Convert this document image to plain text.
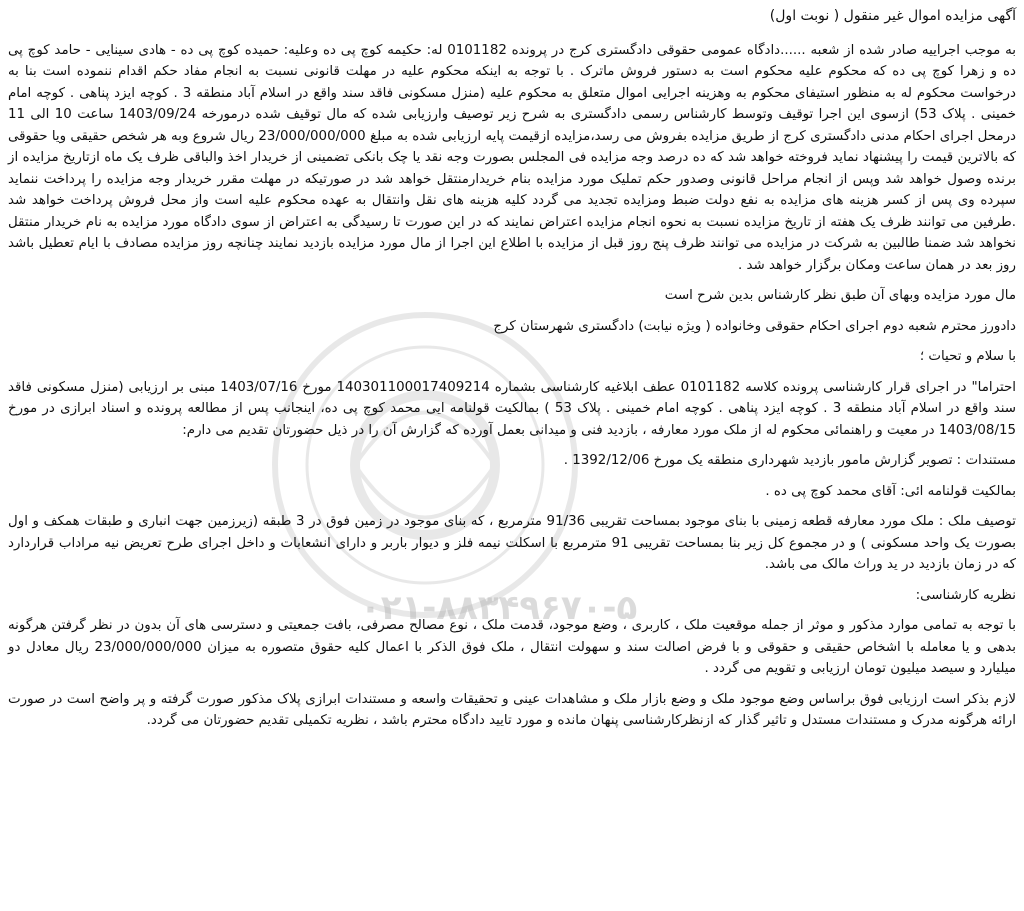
۰۲۱-۸۸۳۴۹۶۷۰-۵

آگهی مزایده اموال غیر منقول ( نوبت اول)

به موجب اجراییه صادر شده از شعبه ......دادگاه عمومی حقوقی دادگستری کرج در پرونده 0101182 له: حکیمه کوچ پی ده وعلیه: حمیده کوچ پی ده - هادی سینایی - حامد کوچ پی ده و زهرا کوچ پی ده که محکوم علیه محکوم است به دستور فروش ماترک . با توجه به اینکه محکوم علیه در مهلت قانونی نسبت به انجام مفاد حکم اقدام ننموده است بنا به درخواست محکوم له به منظور استیفای محکوم به وهزینه اجرایی اموال متعلق به محکوم علیه (منزل مسکونی فاقد سند واقع در اسلام آباد منطقه 3 . کوچه ایزد پناهی . کوچه امام خمینی . پلاک 53) ازسوی این اجرا توقیف وتوسط کارشناس رسمی دادگستری به شرح زیر توصیف وارزیابی شده که مال توقیف شده درمورخه 1403/09/24 ساعت 10 الی 11 درمحل اجرای احکام مدنی دادگستری کرج از طریق مزایده بفروش می رسد،مزایده ازقیمت پایه ارزیابی شده به مبلغ 23/000/000/000 ریال شروع وبه هر شخص حقیقی ویا حقوقی که بالاترین قیمت را پیشنهاد نماید فروخته خواهد شد که ده درصد وجه مزایده فی المجلس بصورت وجه نقد یا چک بانکی تضمینی از خریدار اخذ والباقی ظرف یک ماه ازتاریخ مزایده از برنده وصول خواهد شد وپس از انجام مراحل قانونی وصدور حکم تملیک مورد مزایده بنام خریدارمنتقل خواهد شد در صورتیکه در مهلت مقرر خریدار وجه مزایده را پرداخت ننماید سپرده وی پس از کسر هزینه های مزایده به نفع دولت ضبط ومزایده تجدید می گردد کلیه هزینه های نقل وانتقال به عهده محکوم علیه است واز محل فروش پرداخت خواهد شد .طرفین می توانند ظرف یک هفته از تاریخ مزایده نسبت به نحوه انجام مزایده اعتراض نمایند که در این صورت تا رسیدگی به اعتراض از سوی دادگاه مورد مزایده به نام خریدار منتقل نخواهد شد ضمنا طالبین به شرکت در مزایده می توانند ظرف پنج روز قبل از مزایده با اطلاع این اجرا از مال مورد مزایده بازدید نمایند چنانچه روز مزایده مصادف با ایام تعطیل باشد روز بعد در همان ساعت ومکان برگزار خواهد شد .

مال مورد مزایده وبهای آن طبق نظر کارشناس بدین شرح است

دادورز محترم شعبه دوم اجرای احکام حقوقی وخانواده ( ویژه نیابت) دادگستری شهرستان کرج

با سلام و تحیات ؛

احتراما" در اجرای قرار کارشناسی پرونده کلاسه 0101182 عطف ابلاغیه کارشناسی بشماره 140301100017409214 مورخ 1403/07/16 مبنی بر ارزیابی (منزل مسکونی فاقد سند واقع در اسلام آباد منطقه 3 . کوچه ایزد پناهی . کوچه امام خمینی . پلاک 53 ) بمالکیت قولنامه ایی محمد کوچ پی ده، اینجانب پس از مطالعه پرونده و اسناد ابرازی در مورخ 1403/08/15 در معیت و راهنمائی محکوم له از ملک مورد معارفه ، بازدید فنی و میدانی بعمل آورده که گزارش آن را در ذیل حضورتان تقدیم می دارم:

مستندات : تصویر گزارش مامور بازدید شهرداری منطقه یک مورخ 1392/12/06 .

بمالکیت قولنامه ائی: آقای محمد کوچ پی ده .

توصیف ملک : ملک مورد معارفه قطعه زمینی با بنای موجود بمساحت تقریبی 91/36 مترمربع ، که بنای موجود در زمین فوق در 3 طبقه (زیرزمین جهت انباری و طبقات همکف و اول بصورت یک واحد مسکونی ) و در مجموع کل زیر بنا بمساحت تقریبی 91 مترمربع با اسکلت نیمه فلز و دیوار باربر و دارای انشعابات و داخل اجرای طرح تعریض نیه مراداب قراردارد که در زمان بازدید در ید وراث مالک می باشد.

نظریه کارشناسی:

با توجه به تمامی موارد مذکور و موثر از جمله موقعیت ملک ، کاربری ، وضع موجود، قدمت ملک ، نوع مصالح مصرفی، بافت جمعیتی و دسترسی های آن بدون در نظر گرفتن هرگونه بدهی و یا معامله با اشخاص حقیقی و حقوقی و با فرض اصالت سند و سهولت انتقال ، ملک فوق الذکر با اعمال کلیه حقوق متصوره به میزان 23/000/000/000 ریال معادل دو میلیارد و سیصد میلیون تومان ارزیابی و تقویم می گردد .

لازم بذکر است ارزیابی فوق براساس وضع موجود ملک و وضع بازار ملک و مشاهدات عینی و تحقیقات واسعه و مستندات ابرازی پلاک مذکور صورت گرفته و پر واضح است در صورت ارائه هرگونه مدرک و مستندات مستدل و تاثیر گذار که ازنظرکارشناسی پنهان مانده و مورد تایید دادگاه محترم باشد ، نظریه تکمیلی تقدیم حضورتان می گردد.
